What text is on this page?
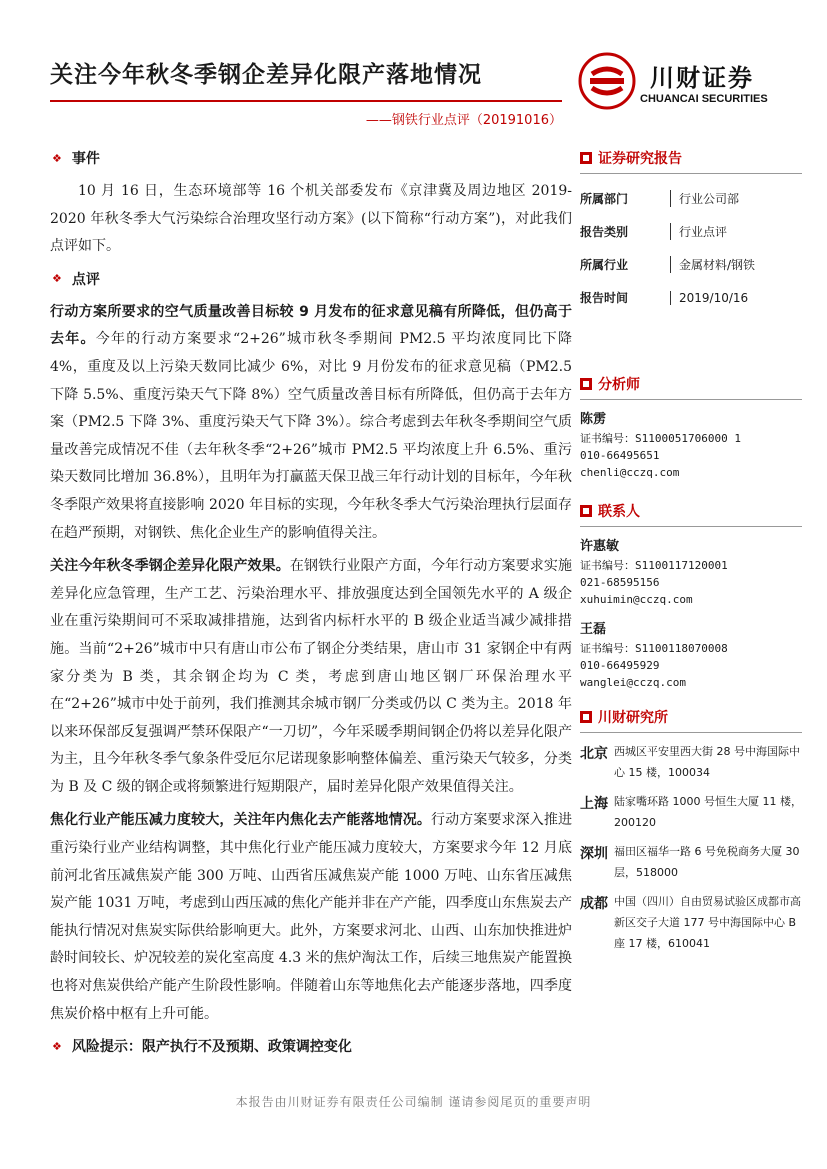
关注今年秋冬季钢企差异化限产落地情况
——钢铁行业点评（20191016）
川财证券
CHUANCAI SECURITIES
❖ 事件

10 月 16 日，生态环境部等 16 个机关部委发布《京津冀及周边地区 2019-2020 年秋冬季大气污染综合治理攻坚行动方案》(以下简称“行动方案”)，对此我们点评如下。

❖ 点评

行动方案所要求的空气质量改善目标较 9 月发布的征求意见稿有所降低，但仍高于去年。今年的行动方案要求“2+26”城市秋冬季期间 PM2.5 平均浓度同比下降 4%，重度及以上污染天数同比减少 6%，对比 9 月份发布的征求意见稿（PM2.5 下降 5.5%、重度污染天气下降 8%）空气质量改善目标有所降低，但仍高于去年方案（PM2.5 下降 3%、重度污染天气下降 3%）。综合考虑到去年秋冬季期间空气质量改善完成情况不佳（去年秋冬季“2+26”城市 PM2.5 平均浓度上升 6.5%、重污染天数同比增加 36.8%），且明年为打赢蓝天保卫战三年行动计划的目标年，今年秋冬季限产效果将直接影响 2020 年目标的实现，今年秋冬季大气污染治理执行层面存在趋严预期，对钢铁、焦化企业生产的影响值得关注。

关注今年秋冬季钢企差异化限产效果。在钢铁行业限产方面，今年行动方案要求实施差异化应急管理，生产工艺、污染治理水平、排放强度达到全国领先水平的 A 级企业在重污染期间可不采取减排措施，达到省内标杆水平的 B 级企业适当减少减排措施。当前“2+26”城市中只有唐山市公布了钢企分类结果，唐山市 31 家钢企中有两家分类为 B 类，其余钢企均为 C 类，考虑到唐山地区钢厂环保治理水平在“2+26”城市中处于前列，我们推测其余城市钢厂分类或仍以 C 类为主。2018 年以来环保部反复强调严禁环保限产“一刀切”，今年采暖季期间钢企仍将以差异化限产为主，且今年秋冬季气象条件受厄尔尼诺现象影响整体偏差、重污染天气较多，分类为 B 及 C 级的钢企或将频繁进行短期限产，届时差异化限产效果值得关注。

焦化行业产能压减力度较大，关注年内焦化去产能落地情况。行动方案要求深入推进重污染行业产业结构调整，其中焦化行业产能压减力度较大，方案要求今年 12 月底前河北省压减焦炭产能 300 万吨、山西省压减焦炭产能 1000 万吨、山东省压减焦炭产能 1031 万吨，考虑到山西压减的焦化产能并非在产产能，四季度山东焦炭去产能执行情况对焦炭实际供给影响更大。此外，方案要求河北、山西、山东加快推进炉龄时间较长、炉况较差的炭化室高度 4.3 米的焦炉淘汰工作，后续三地焦炭产能置换也将对焦炭供给产能产生阶段性影响。伴随着山东等地焦化去产能逐步落地，四季度焦炭价格中枢有上升可能。

❖ 风险提示：限产执行不及预期、政策调控变化
证券研究报告
所属部门	行业公司部
报告类别	行业点评
所属行业	金属材料/钢铁
报告时间	2019/10/16
分析师
陈雳
证书编号：S1100051706000 1
010-66495651
chenli@cczq.com
联系人
许惠敏
证书编号：S1100117120001
021-68595156
xuhuimin@cczq.com
王磊
证书编号：S1100118070008
010-66495929
wanglei@cczq.com
川财研究所
北京 西城区平安里西大街 28 号中海国际中心 15 楼，100034
上海 陆家嘴环路 1000 号恒生大厦 11 楼，200120
深圳 福田区福华一路 6 号免税商务大厦 30 层，518000
成都 中国（四川）自由贸易试验区成都市高新区交子大道 177 号中海国际中心 B 座 17 楼，610041
本报告由川财证券有限责任公司编制 谨请参阅尾页的重要声明
